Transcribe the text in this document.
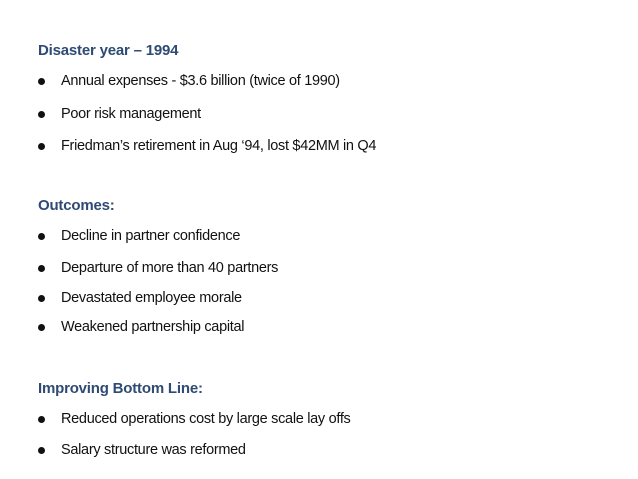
Disaster year – 1994
Annual expenses - $3.6 billion (twice of 1990)
Poor risk management
Friedman’s retirement in Aug ‘94, lost $42MM in Q4
Outcomes:
Decline in partner confidence
Departure of more than 40 partners
Devastated employee morale
Weakened partnership capital
Improving Bottom Line:
Reduced operations cost by large scale lay offs
Salary structure was reformed
